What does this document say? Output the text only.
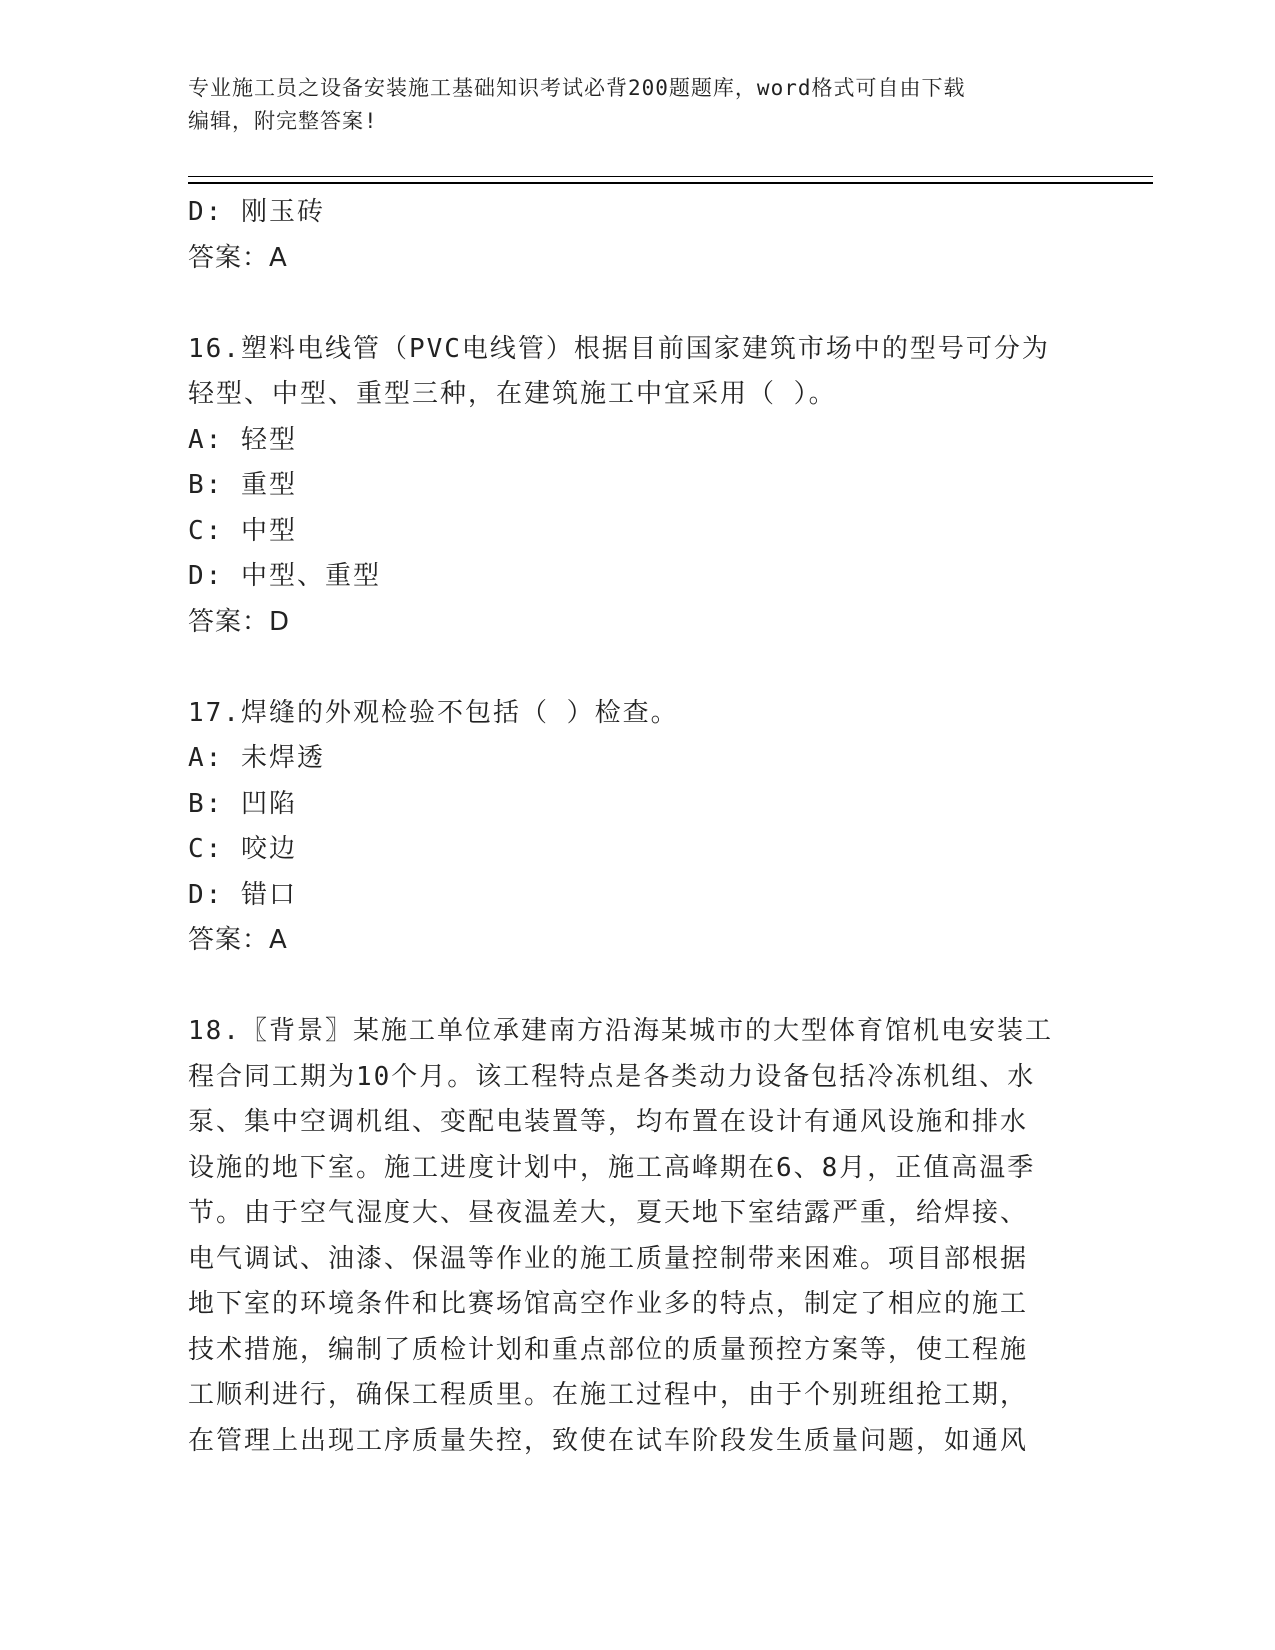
专业施工员之设备安装施工基础知识考试必背200题题库，word格式可自由下载
编辑，附完整答案!
D: 刚玉砖
答案：A
16.塑料电线管（PVC电线管）根据目前国家建筑市场中的型号可分为
轻型、中型、重型三种，在建筑施工中宜采用（ ）。
A: 轻型
B: 重型
C: 中型
D: 中型、重型
答案：D
17.焊缝的外观检验不包括（ ）检查。
A: 未焊透
B: 凹陷
C: 咬边
D: 错口
答案：A
18.〖背景〗某施工单位承建南方沿海某城市的大型体育馆机电安装工
程合同工期为10个月。该工程特点是各类动力设备包括冷冻机组、水
泵、集中空调机组、变配电装置等，均布置在设计有通风设施和排水
设施的地下室。施工进度计划中，施工高峰期在6、8月，正值高温季
节。由于空气湿度大、昼夜温差大，夏天地下室结露严重，给焊接、
电气调试、油漆、保温等作业的施工质量控制带来困难。项目部根据
地下室的环境条件和比赛场馆高空作业多的特点，制定了相应的施工
技术措施，编制了质检计划和重点部位的质量预控方案等，使工程施
工顺利进行，确保工程质里。在施工过程中，由于个别班组抢工期，
在管理上出现工序质量失控，致使在试车阶段发生质量问题，如通风
